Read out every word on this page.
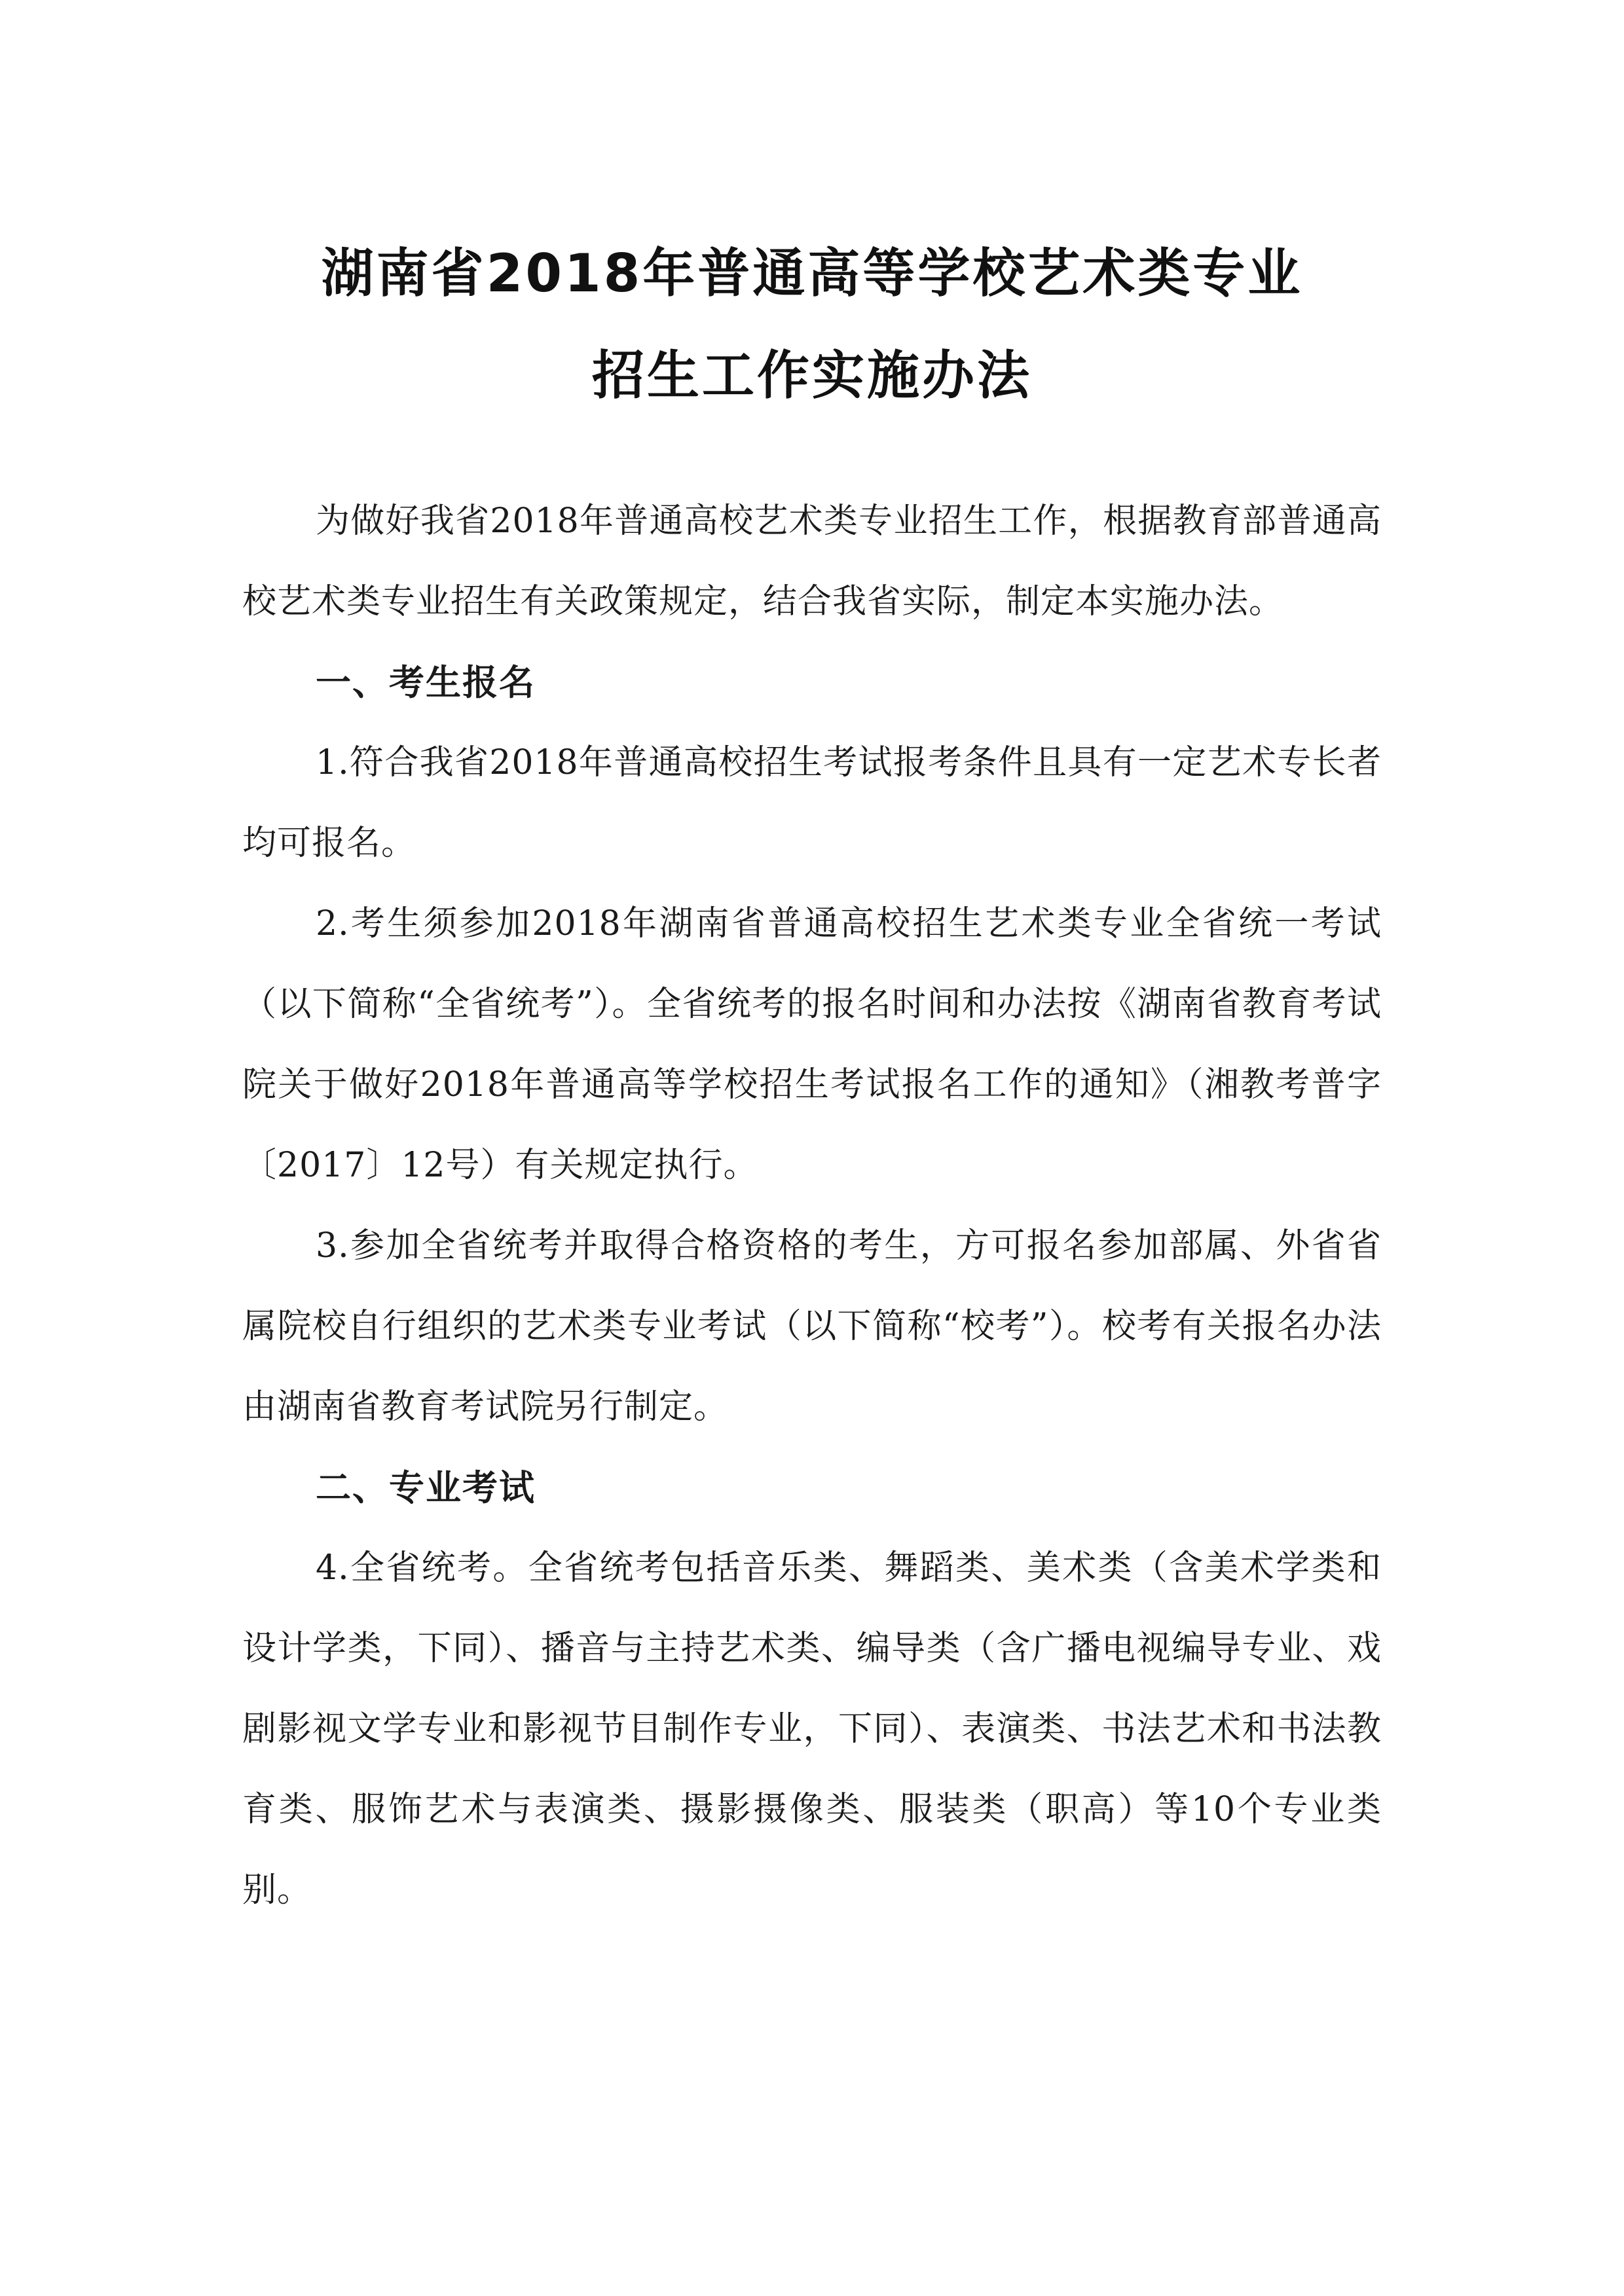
湖南省2018年普通高等学校艺术类专业
招生工作实施办法

为做好我省2018年普通高校艺术类专业招生工作，根据教育部普通高校艺术类专业招生有关政策规定，结合我省实际，制定本实施办法。

一、考生报名

1.符合我省2018年普通高校招生考试报考条件且具有一定艺术专长者均可报名。

2.考生须参加2018年湖南省普通高校招生艺术类专业全省统一考试（以下简称“全省统考”）。全省统考的报名时间和办法按《湖南省教育考试院关于做好2018年普通高等学校招生考试报名工作的通知》（湘教考普字〔2017〕12号）有关规定执行。

3.参加全省统考并取得合格资格的考生，方可报名参加部属、外省省属院校自行组织的艺术类专业考试（以下简称“校考”）。校考有关报名办法由湖南省教育考试院另行制定。

二、专业考试

4.全省统考。全省统考包括音乐类、舞蹈类、美术类（含美术学类和设计学类，下同）、播音与主持艺术类、编导类（含广播电视编导专业、戏剧影视文学专业和影视节目制作专业，下同）、表演类、书法艺术和书法教育类、服饰艺术与表演类、摄影摄像类、服装类（职高）等10个专业类别。
